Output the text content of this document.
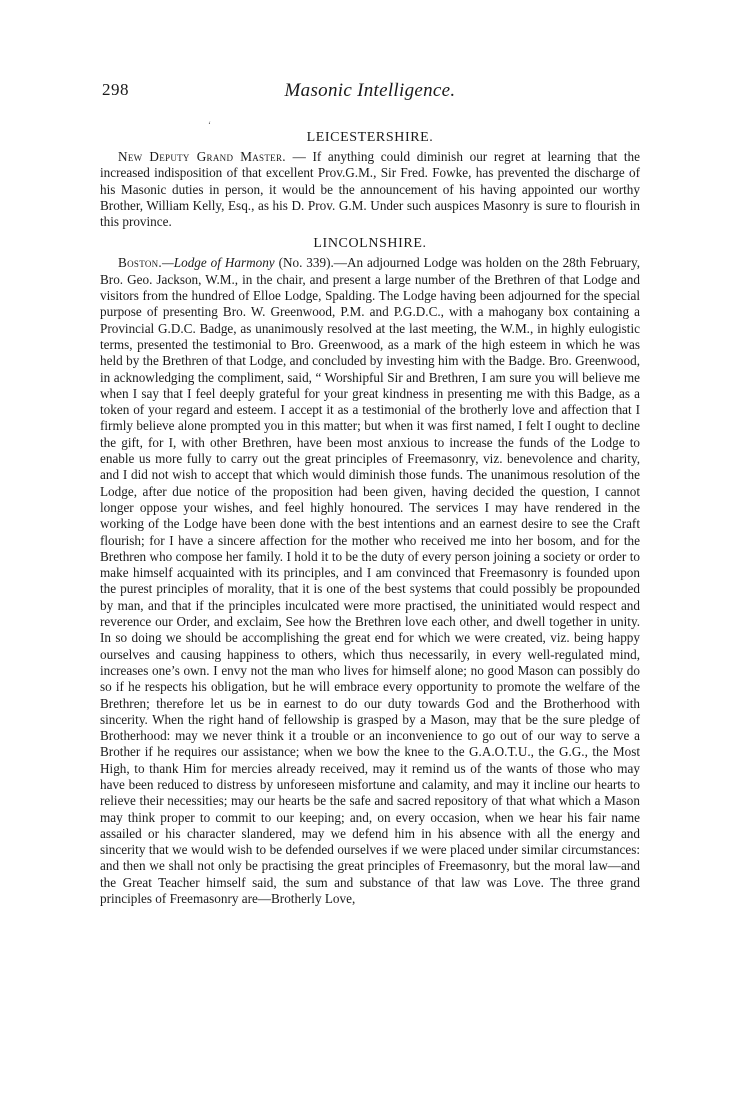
298	Masonic Intelligence.
‘
LEICESTERSHIRE.

New Deputy Grand Master. — If anything could diminish our regret at learning that the increased indisposition of that excellent Prov.G.M., Sir Fred. Fowke, has prevented the discharge of his Masonic duties in person, it would be the announcement of his having appointed our worthy Brother, William Kelly, Esq., as his D. Prov. G.M. Under such auspices Masonry is sure to flourish in this province.

LINCOLNSHIRE.

Boston.—Lodge of Harmony (No. 339).—An adjourned Lodge was holden on the 28th February, Bro. Geo. Jackson, W.M., in the chair, and present a large number of the Brethren of that Lodge and visitors from the hundred of Elloe Lodge, Spalding. The Lodge having been adjourned for the special purpose of presenting Bro. W. Greenwood, P.M. and P.G.D.C., with a mahogany box containing a Provincial G.D.C. Badge, as unanimously resolved at the last meeting, the W.M., in highly eulogistic terms, presented the testimonial to Bro. Greenwood, as a mark of the high esteem in which he was held by the Brethren of that Lodge, and concluded by investing him with the Badge. Bro. Greenwood, in acknowledging the compliment, said, “ Worshipful Sir and Brethren, I am sure you will believe me when I say that I feel deeply grateful for your great kindness in presenting me with this Badge, as a token of your regard and esteem. I accept it as a testimonial of the brotherly love and affection that I firmly believe alone prompted you in this matter; but when it was first named, I felt I ought to decline the gift, for I, with other Brethren, have been most anxious to increase the funds of the Lodge to enable us more fully to carry out the great principles of Freemasonry, viz. benevolence and charity, and I did not wish to accept that which would diminish those funds. The unanimous resolution of the Lodge, after due notice of the proposition had been given, having decided the question, I cannot longer oppose your wishes, and feel highly honoured. The services I may have rendered in the working of the Lodge have been done with the best intentions and an earnest desire to see the Craft flourish; for I have a sincere affection for the mother who received me into her bosom, and for the Brethren who compose her family. I hold it to be the duty of every person joining a society or order to make himself acquainted with its principles, and I am convinced that Freemasonry is founded upon the purest principles of morality, that it is one of the best systems that could possibly be propounded by man, and that if the principles inculcated were more practised, the uninitiated would respect and reverence our Order, and exclaim, See how the Brethren love each other, and dwell together in unity. In so doing we should be accomplishing the great end for which we were created, viz. being happy ourselves and causing happiness to others, which thus necessarily, in every well-regulated mind, increases one’s own. I envy not the man who lives for himself alone; no good Mason can possibly do so if he respects his obligation, but he will embrace every opportunity to promote the welfare of the Brethren; therefore let us be in earnest to do our duty towards God and the Brotherhood with sincerity. When the right hand of fellowship is grasped by a Mason, may that be the sure pledge of Brotherhood: may we never think it a trouble or an inconvenience to go out of our way to serve a Brother if he requires our assistance; when we bow the knee to the G.A.O.T.U., the G.G., the Most High, to thank Him for mercies already received, may it remind us of the wants of those who may have been reduced to distress by unforeseen misfortune and calamity, and may it incline our hearts to relieve their necessities; may our hearts be the safe and sacred repository of that what which a Mason may think proper to commit to our keeping; and, on every occasion, when we hear his fair name assailed or his character slandered, may we defend him in his absence with all the energy and sincerity that we would wish to be defended ourselves if we were placed under similar circumstances: and then we shall not only be practising the great principles of Freemasonry, but the moral law—and the Great Teacher himself said, the sum and substance of that law was Love. The three grand principles of Freemasonry are—Brotherly Love,
